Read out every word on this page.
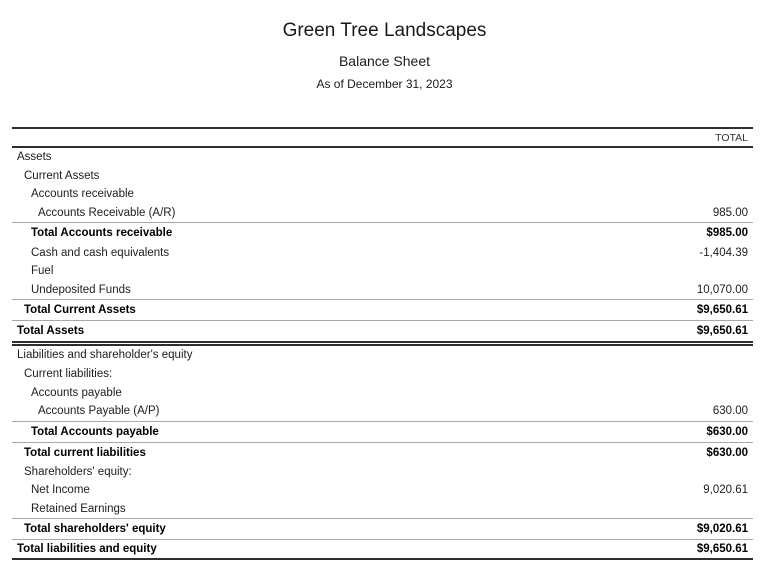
Green Tree Landscapes
Balance Sheet
As of December 31, 2023
TOTAL
Assets
Current Assets
Accounts receivable
Accounts Receivable (A/R)	985.00
Total Accounts receivable	$985.00
Cash and cash equivalents	-1,404.39
Fuel
Undeposited Funds	10,070.00
Total Current Assets	$9,650.61
Total Assets	$9,650.61
Liabilities and shareholder's equity
Current liabilities:
Accounts payable
Accounts Payable (A/P)	630.00
Total Accounts payable	$630.00
Total current liabilities	$630.00
Shareholders' equity:
Net Income	9,020.61
Retained Earnings
Total shareholders' equity	$9,020.61
Total liabilities and equity	$9,650.61
